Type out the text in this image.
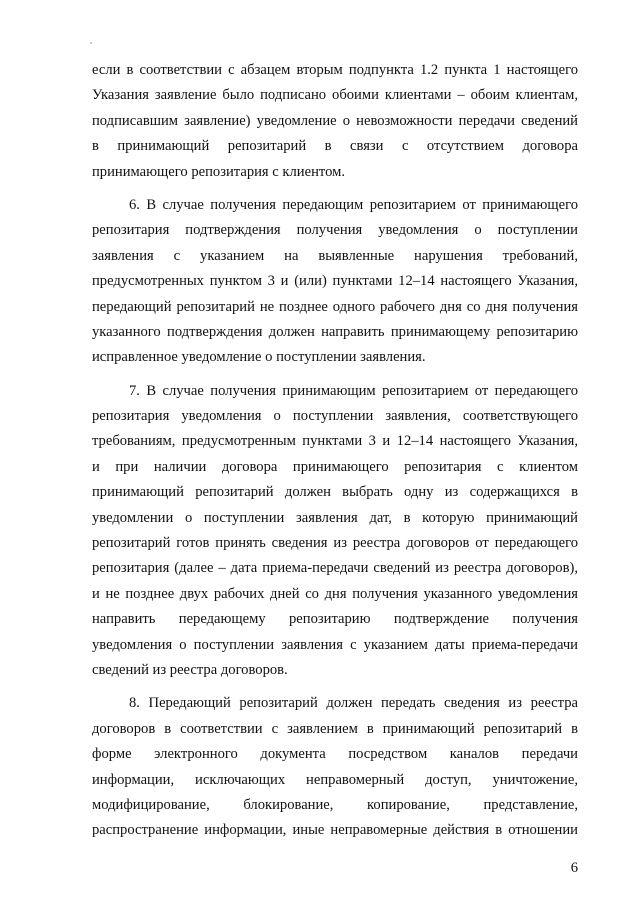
если в соответствии с абзацем вторым подпункта 1.2 пункта 1 настоящего
Указания заявление было подписано обоими клиентами – обоим клиентам,
подписавшим заявление) уведомление о невозможности передачи сведений
в принимающий репозитарий в связи с отсутствием договора
принимающего репозитария с клиентом.
6. В случае получения передающим репозитарием от принимающего
репозитария подтверждения получения уведомления о поступлении
заявления с указанием на выявленные нарушения требований,
предусмотренных пунктом 3 и (или) пунктами 12–14 настоящего Указания,
передающий репозитарий не позднее одного рабочего дня со дня получения
указанного подтверждения должен направить принимающему репозитарию
исправленное уведомление о поступлении заявления.
7. В случае получения принимающим репозитарием от передающего
репозитария уведомления о поступлении заявления, соответствующего
требованиям, предусмотренным пунктами 3 и 12–14 настоящего Указания,
и при наличии договора принимающего репозитария с клиентом
принимающий репозитарий должен выбрать одну из содержащихся в
уведомлении о поступлении заявления дат, в которую принимающий
репозитарий готов принять сведения из реестра договоров от передающего
репозитария (далее – дата приема-передачи сведений из реестра договоров),
и не позднее двух рабочих дней со дня получения указанного уведомления
направить передающему репозитарию подтверждение получения
уведомления о поступлении заявления с указанием даты приема-передачи
сведений из реестра договоров.
8. Передающий репозитарий должен передать сведения из реестра
договоров в соответствии с заявлением в принимающий репозитарий в
форме электронного документа посредством каналов передачи
информации, исключающих неправомерный доступ, уничтожение,
модифицирование, блокирование, копирование, представление,
распространение информации, иные неправомерные действия в отношении
6
